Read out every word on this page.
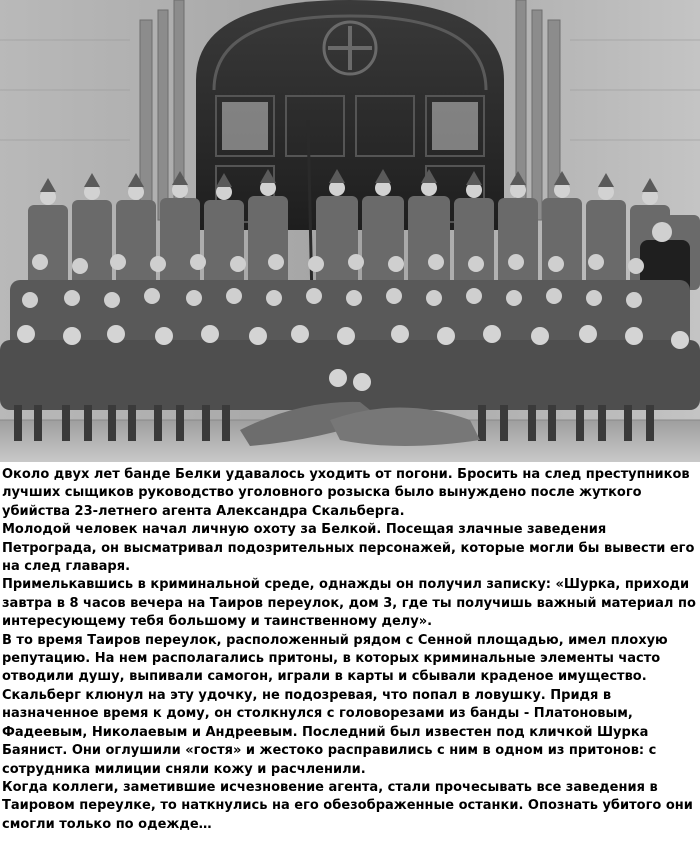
Около двух лет банде Белки удавалось уходить от погони. Бросить на след преступников лучших сыщиков руководство уголовного розыска было вынуждено после жуткого убийства 23-летнего агента Александра Скальберга.

Молодой человек начал личную охоту за Белкой. Посещая злачные заведения Петрограда, он высматривал подозрительных персонажей, которые могли бы вывести его на след главаря.

Примелькавшись в криминальной среде, однажды он получил записку: «Шурка, приходи завтра в 8 часов вечера на Таиров переулок, дом 3, где ты получишь важный материал по интересующему тебя большому и таинственному делу».

В то время Таиров переулок, расположенный рядом с Сенной площадью, имел плохую репутацию. На нем располагались притоны, в которых криминальные элементы часто отводили душу, выпивали самогон, играли в карты и сбывали краденое имущество.

Скальберг клюнул на эту удочку, не подозревая, что попал в ловушку. Придя в назначенное время к дому, он столкнулся с головорезами из банды - Платоновым, Фадеевым, Николаевым и Андреевым. Последний был известен под кличкой Шурка Баянист. Они оглушили «гостя» и жестоко расправились с ним в одном из притонов: с сотрудника милиции сняли кожу и расчленили.

Когда коллеги, заметившие исчезновение агента, стали прочесывать все заведения в Таировом переулке, то наткнулись на его обезображенные останки. Опознать убитого они смогли только по одежде…
